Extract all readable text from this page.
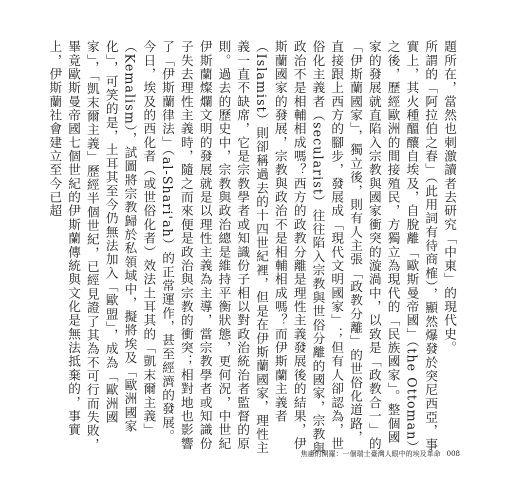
題所在，當然也刺激讀者去研究「中東」的現代史。

所謂的「阿拉伯之春」（此用詞有待商榷），顯然爆發於突尼西亞，事實上，其火種醞釀自埃及，自脫離「歐斯曼帝國」（the Ottoman）之後，歷經歐洲的間接殖民，方獨立為現代的「民族國家」。整個國家的發展就直陷入宗教與國家衝突的漩渦中，以致是「政教合一」的「伊斯蘭國家」，獨立後，則有人主張「政教分離」的世俗化道路，直接跟上西方的腳步，發展成「現代文明國家」；但有人卻認為，世俗化主義者（secularist）往往陷入宗教與世俗分離的國家，宗教與政治不是相輔相成嗎？西方的政教分離是理性主義發展後的結果，伊斯蘭國家的發展，宗教與政治不是相輔相成嗎？而伊斯蘭主義者（Islamist）則卻稱過去的十四世紀裡，但是在伊斯蘭國家，理性主義一直不缺席，它是宗教學者或知識份子相以對政治統治者監督的原則。過去的歷史中，宗教與政治總是維持平衡狀態，更何況，中世紀伊斯蘭燦爛文明的發展就是以理性主義為主導，當宗教學者或知識份子失去理性主義時，隨之而來便是政治與宗教的衝突；相對地也影響了「伊斯蘭律法」（al-Shari'ah）的正常運作，甚至經濟的發展。

今日，埃及的西化者（或世俗化者）效法土耳其的「凱末爾主義」（Kemalism），試圖將宗教歸於私領域中，擬將埃及「歐洲國家化」，可笑的是，土耳其至今仍無法加入「歐盟」，成為「歐洲國家」，「凱末爾主義」歷經半個世紀，已經見證了其為不可行而失敗，畢竟歐斯曼帝國七個世紀的伊斯蘭傳統與文化是無法抵棄的，事實上，伊斯蘭社會建立至今已超

焦慮的開羅：一個瑞士臺灣人眼中的埃及革命 008
